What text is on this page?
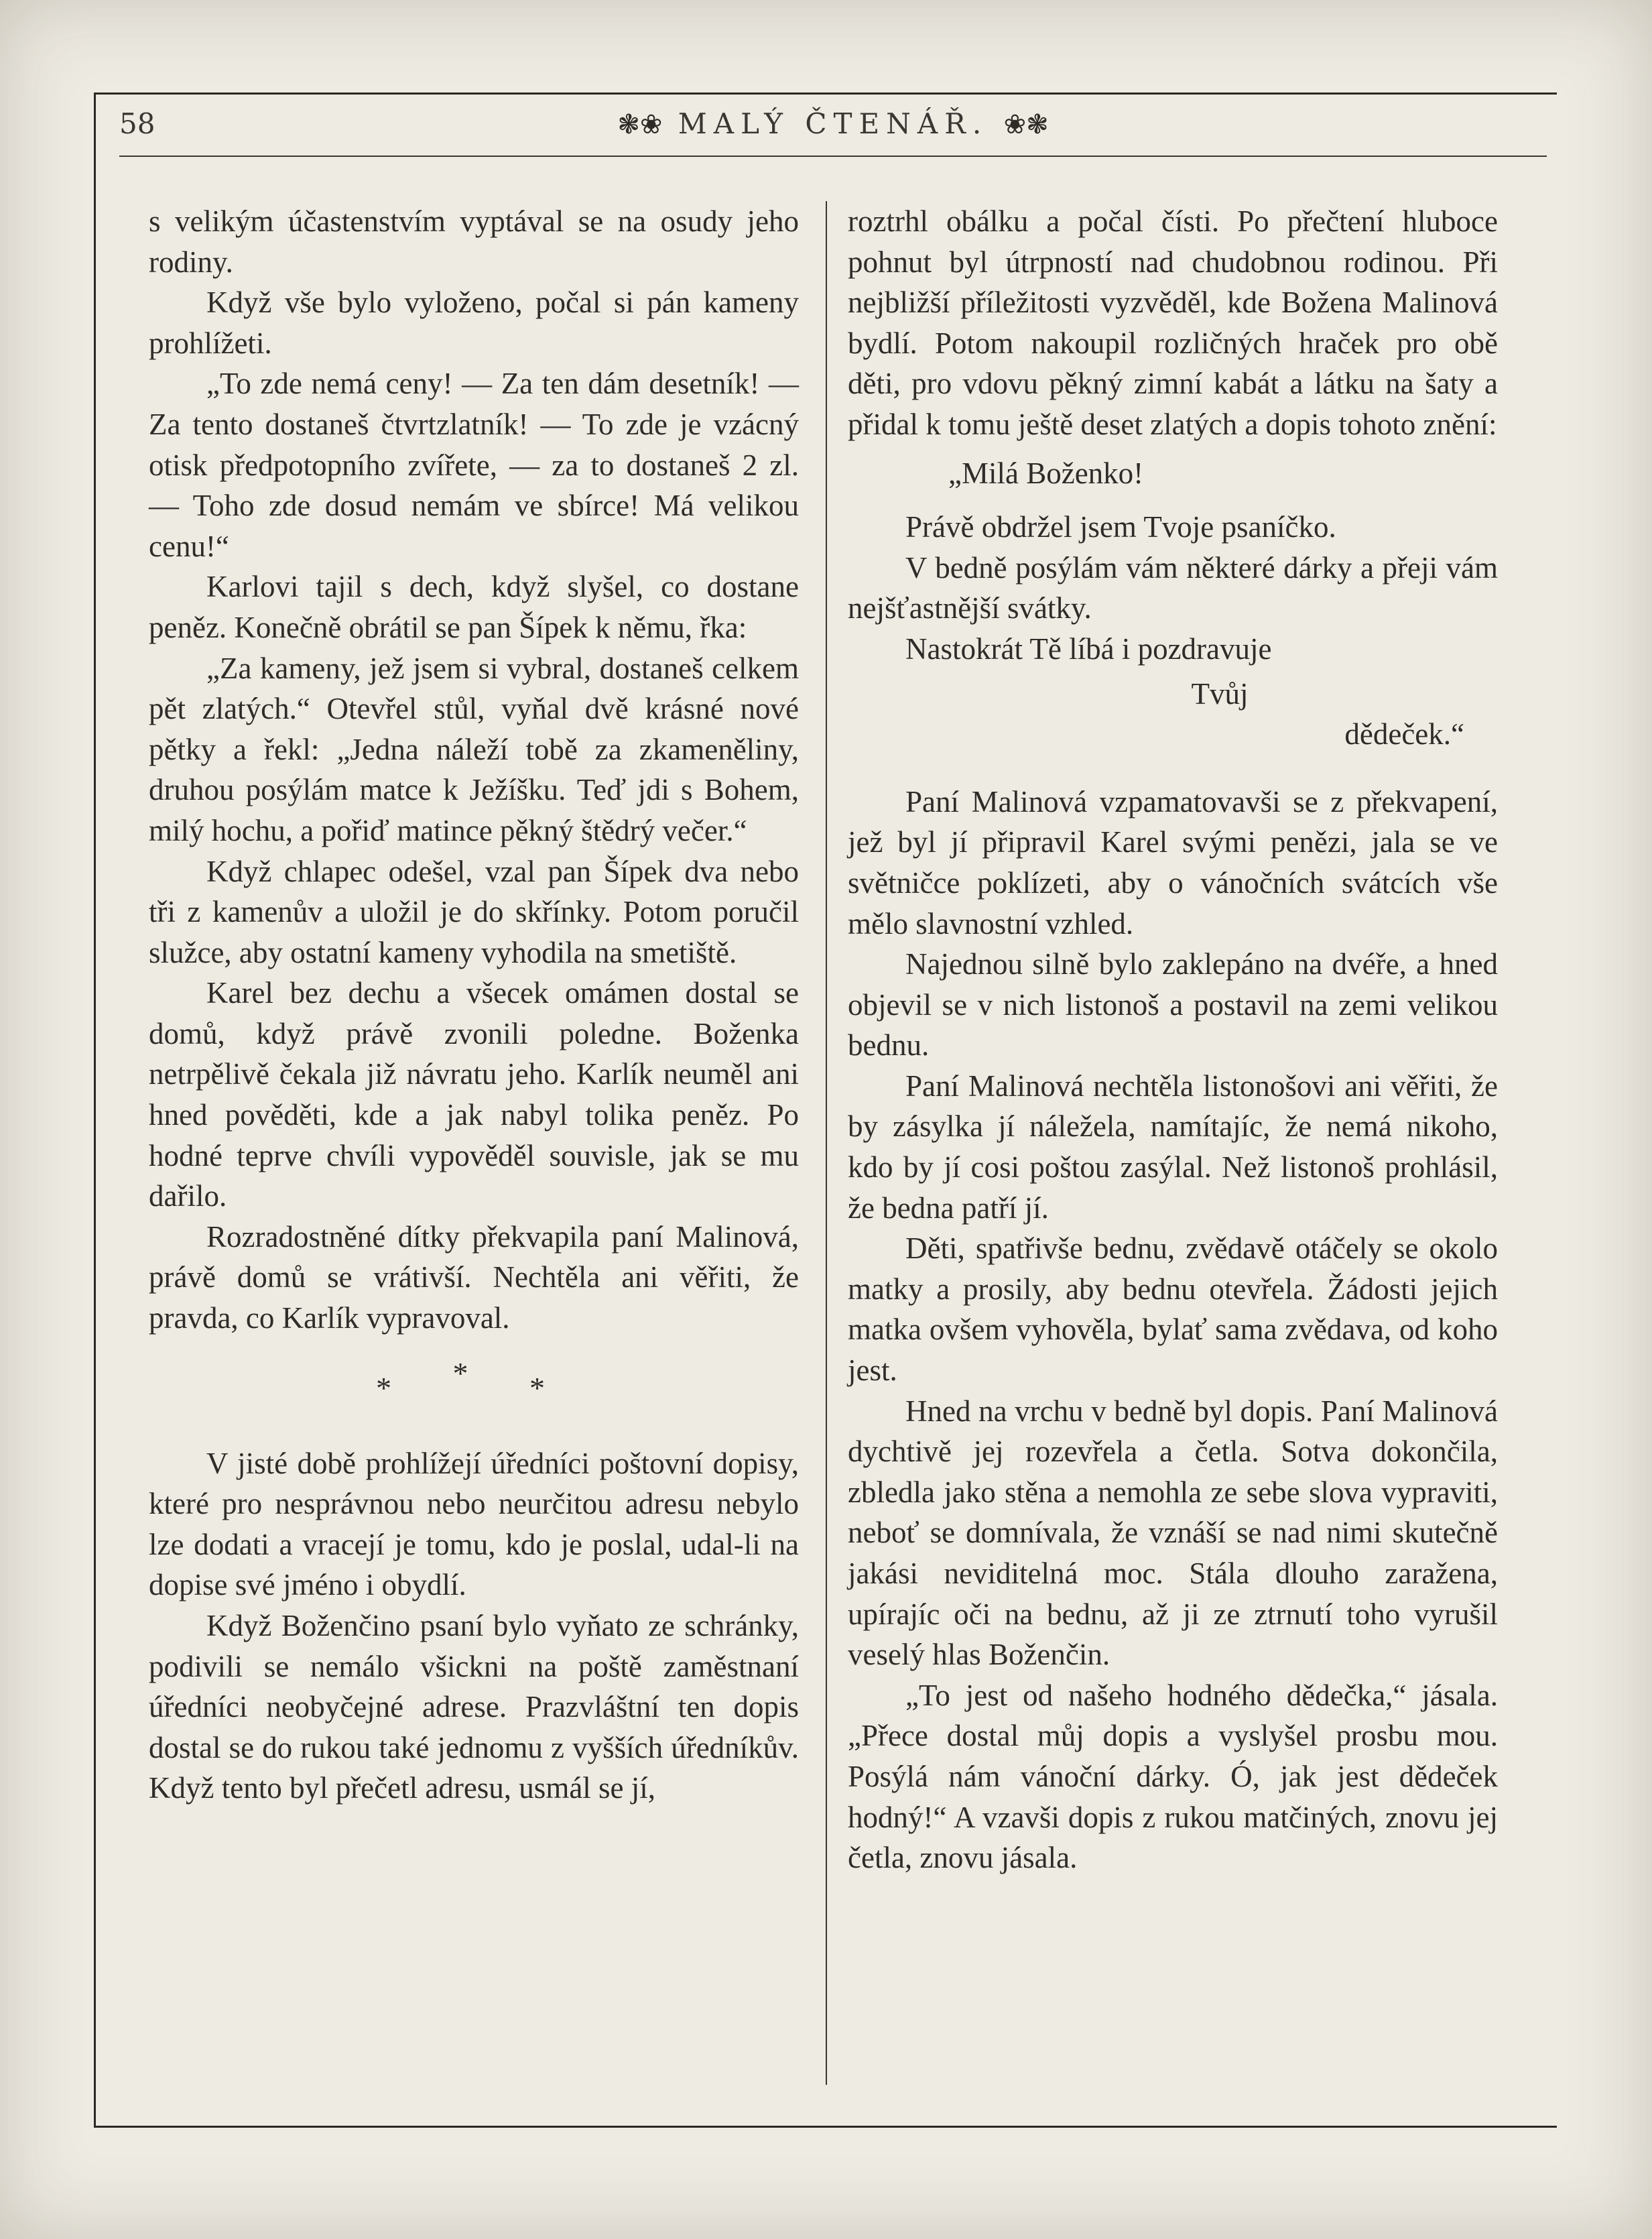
58	❃❀ MALÝ ČTENÁŘ. ❀❃

s velikým účastenstvím vyptával se na osudy jeho rodiny.

Když vše bylo vyloženo, počal si pán kameny prohlížeti.

„To zde nemá ceny! — Za ten dám desetník! — Za tento dostaneš čtvrtzlatník! — To zde je vzácný otisk předpotopního zvířete, — za to dostaneš 2 zl. — Toho zde dosud nemám ve sbírce! Má velikou cenu!“

Karlovi tajil s dech, když slyšel, co dostane peněz. Konečně obrátil se pan Šípek k němu, řka:

„Za kameny, jež jsem si vybral, dostaneš celkem pět zlatých.“ Otevřel stůl, vyňal dvě krásné nové pětky a řekl: „Jedna náleží tobě za zkameněliny, druhou posýlám matce k Ježíšku. Teď jdi s Bohem, milý hochu, a pořiď matince pěkný štědrý večer.“

Když chlapec odešel, vzal pan Šípek dva nebo tři z kamenův a uložil je do skřínky. Potom poručil služce, aby ostatní kameny vyhodila na smetiště.

Karel bez dechu a všecek omámen dostal se domů, když právě zvonili poledne. Boženka netrpělivě čekala již návratu jeho. Karlík neuměl ani hned pověděti, kde a jak nabyl tolika peněz. Po hodné teprve chvíli vypověděl souvisle, jak se mu dařilo.

Rozradostněné dítky překvapila paní Malinová, právě domů se vrátivší. Nechtěla ani věřiti, že pravda, co Karlík vypravoval.

* * *

V jisté době prohlížejí úředníci poštovní dopisy, které pro nesprávnou nebo neurčitou adresu nebylo lze dodati a vracejí je tomu, kdo je poslal, udal-li na dopise své jméno i obydlí.

Když Boženčino psaní bylo vyňato ze schránky, podivili se nemálo všickni na poště zaměstnaní úředníci neobyčejné adrese. Prazvláštní ten dopis dostal se do rukou také jednomu z vyšších úředníkův. Když tento byl přečetl adresu, usmál se jí,

roztrhl obálku a počal čísti. Po přečtení hluboce pohnut byl útrpností nad chudobnou rodinou. Při nejbližší příležitosti vyzvěděl, kde Božena Malinová bydlí. Potom nakoupil rozličných hraček pro obě děti, pro vdovu pěkný zimní kabát a látku na šaty a přidal k tomu ještě deset zlatých a dopis tohoto znění:

„Milá Boženko!

Právě obdržel jsem Tvoje psaníčko.

V bedně posýlám vám některé dárky a přeji vám nejšťastnější svátky.

Nastokrát Tě líbá i pozdravuje

Tvůj

dědeček.“

Paní Malinová vzpamatovavši se z překvapení, jež byl jí připravil Karel svými penězi, jala se ve světničce poklízeti, aby o vánočních svátcích vše mělo slavnostní vzhled.

Najednou silně bylo zaklepáno na dvéře, a hned objevil se v nich listonoš a postavil na zemi velikou bednu.

Paní Malinová nechtěla listonošovi ani věřiti, že by zásylka jí náležela, namítajíc, že nemá nikoho, kdo by jí cosi poštou zasýlal. Než listonoš prohlásil, že bedna patří jí.

Děti, spatřivše bednu, zvědavě otáčely se okolo matky a prosily, aby bednu otevřela. Žádosti jejich matka ovšem vyhověla, bylať sama zvědava, od koho jest.

Hned na vrchu v bedně byl dopis. Paní Malinová dychtivě jej rozevřela a četla. Sotva dokončila, zbledla jako stěna a nemohla ze sebe slova vypraviti, neboť se domnívala, že vznáší se nad nimi skutečně jakási neviditelná moc. Stála dlouho zaražena, upírajíc oči na bednu, až ji ze ztrnutí toho vyrušil veselý hlas Boženčin.

„To jest od našeho hodného dědečka,“ jásala. „Přece dostal můj dopis a vyslyšel prosbu mou. Posýlá nám vánoční dárky. Ó, jak jest dědeček hodný!“ A vzavši dopis z rukou matčiných, znovu jej četla, znovu jásala.
